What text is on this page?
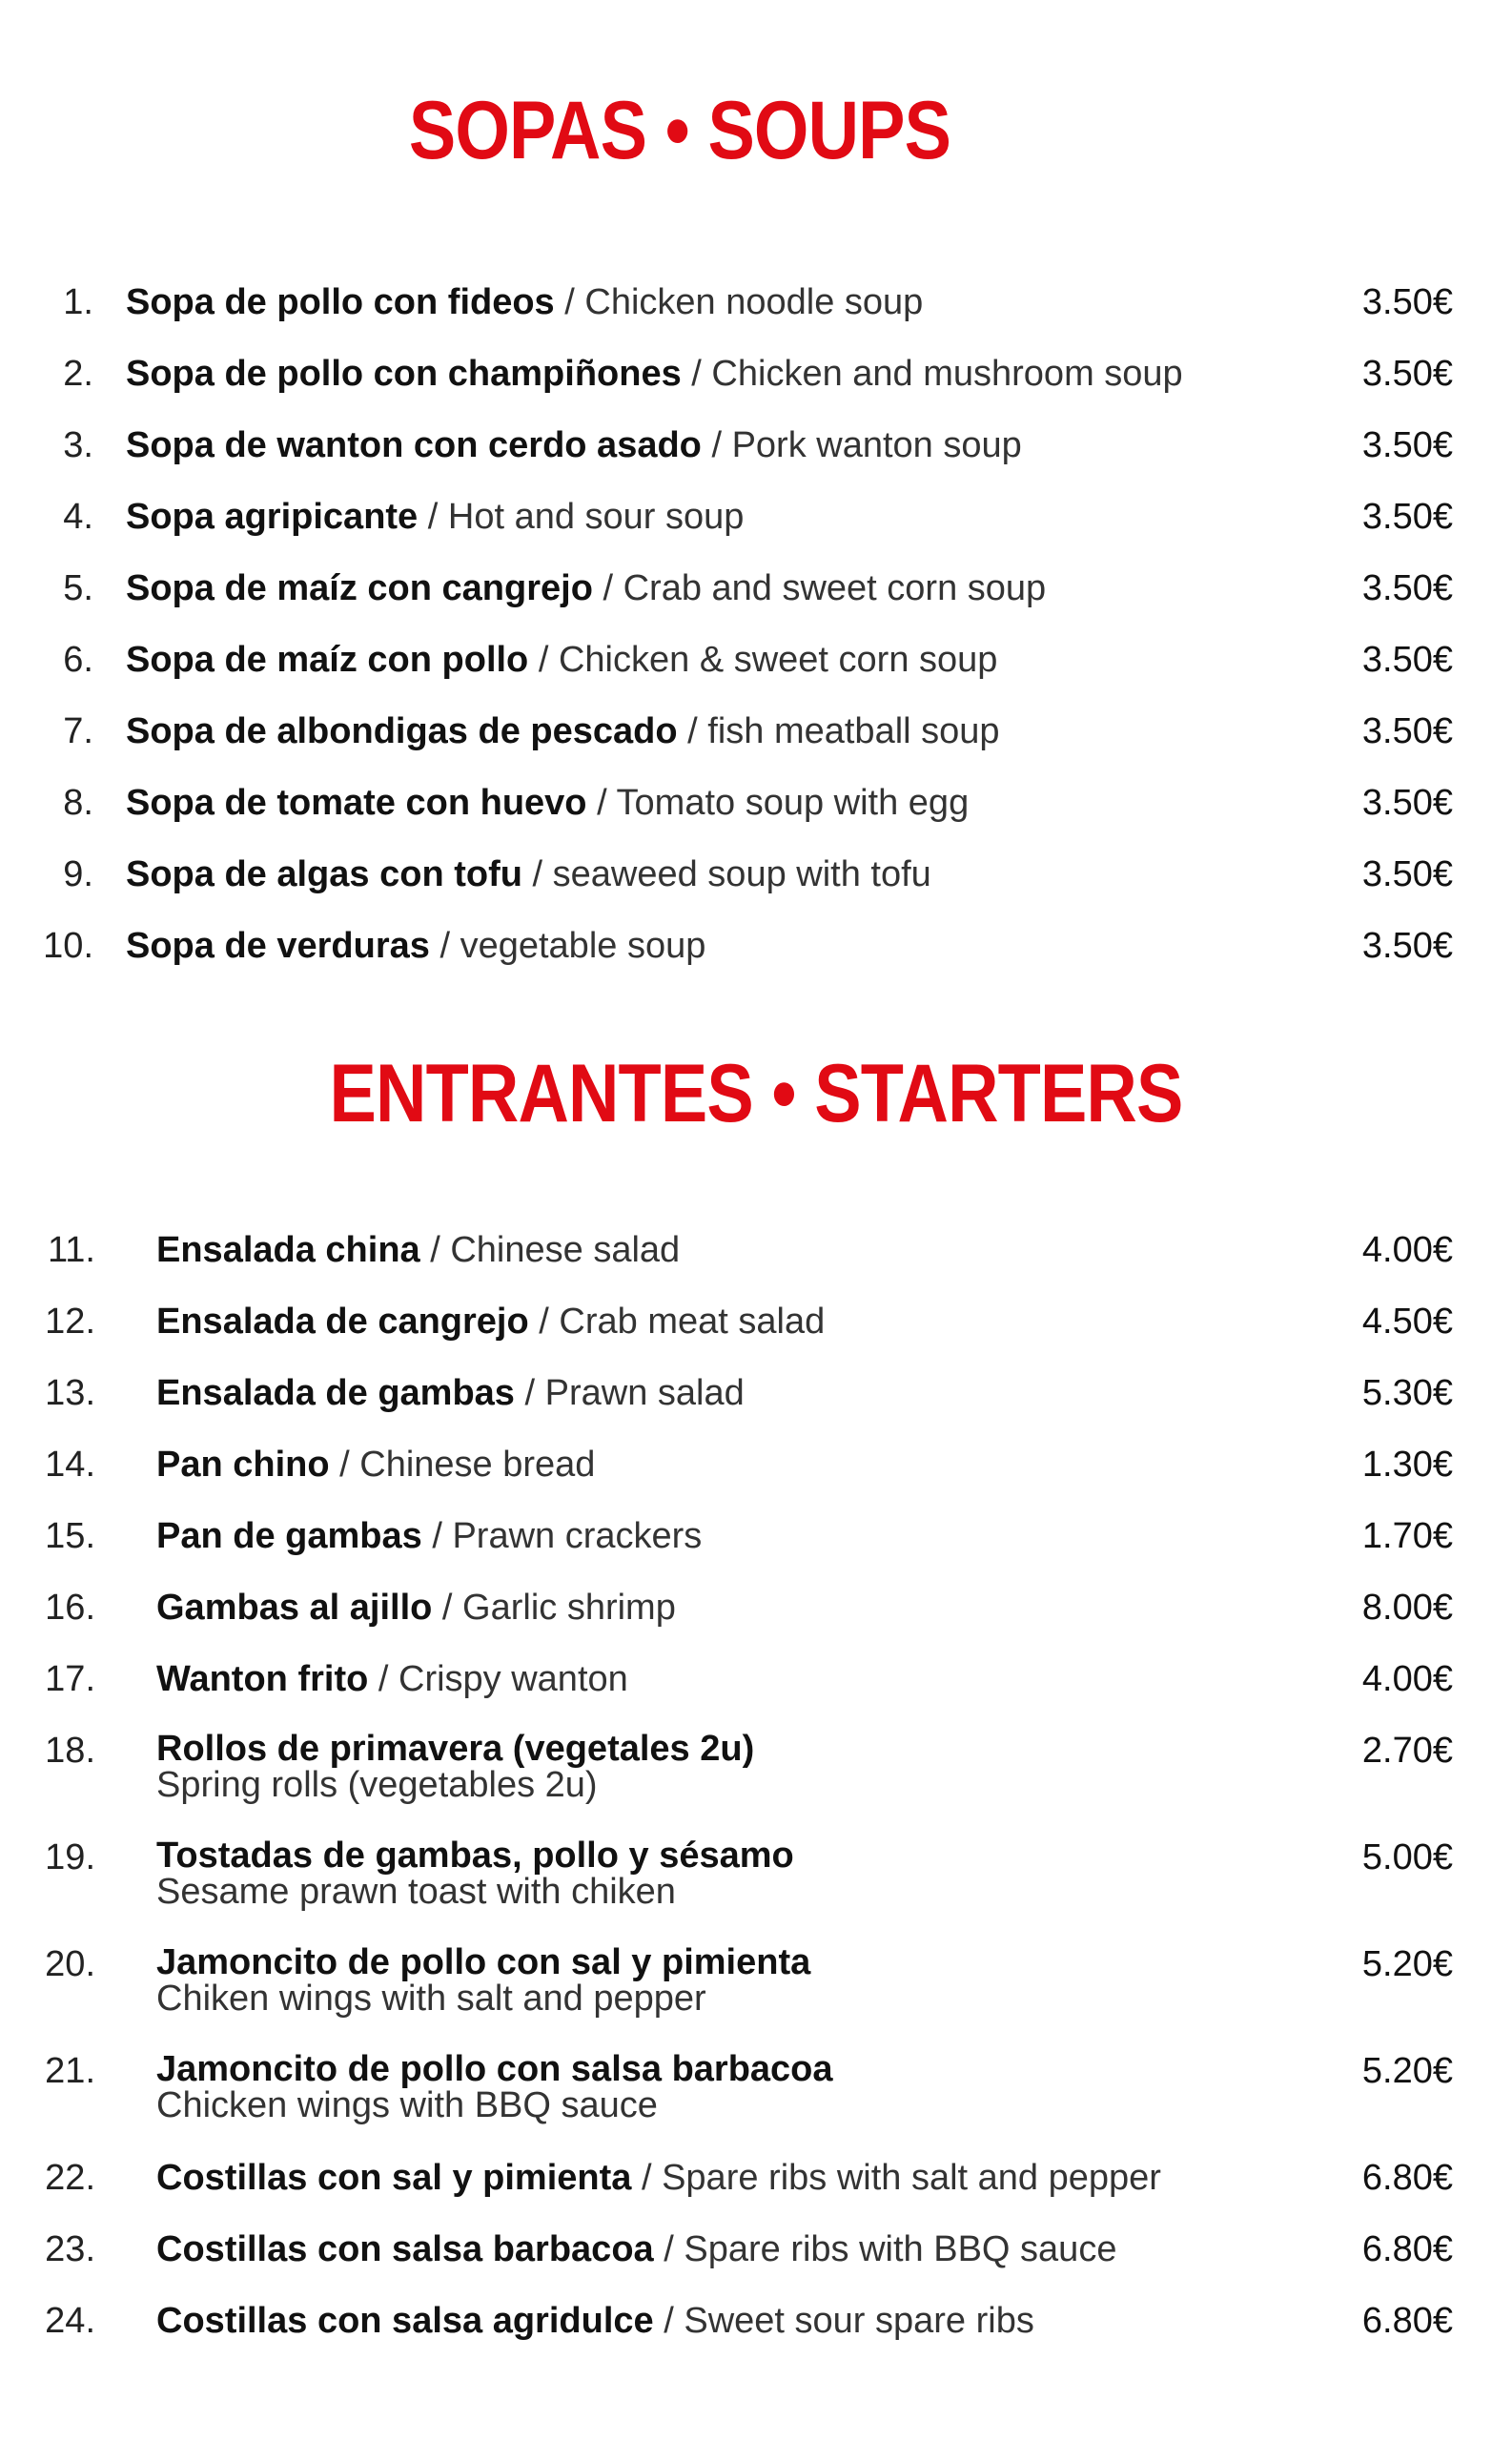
SOPAS • SOUPS
1. Sopa de pollo con fideos / Chicken noodle soup	3.50€
2. Sopa de pollo con champiñones / Chicken and mushroom soup	3.50€
3. Sopa de wanton con cerdo asado / Pork wanton soup	3.50€
4. Sopa agripicante / Hot and sour soup	3.50€
5. Sopa de maíz con cangrejo / Crab and sweet corn soup	3.50€
6. Sopa de maíz con pollo / Chicken & sweet corn soup	3.50€
7. Sopa de albondigas de pescado / fish meatball soup	3.50€
8. Sopa de tomate con huevo / Tomato soup with egg	3.50€
9. Sopa de algas con tofu / seaweed soup with tofu	3.50€
10. Sopa de verduras / vegetable soup	3.50€
ENTRANTES • STARTERS
11. Ensalada china / Chinese salad	4.00€
12. Ensalada de cangrejo / Crab meat salad	4.50€
13. Ensalada de gambas / Prawn salad	5.30€
14. Pan chino / Chinese bread	1.30€
15. Pan de gambas / Prawn crackers	1.70€
16. Gambas al ajillo / Garlic shrimp	8.00€
17. Wanton frito / Crispy wanton	4.00€
18. Rollos de primavera (vegetales 2u)
Spring rolls (vegetables 2u)
2.70€
19. Tostadas de gambas, pollo y sésamo
Sesame prawn toast with chiken
5.00€
20. Jamoncito de pollo con sal y pimienta
Chiken wings with salt and pepper
5.20€
21. Jamoncito de pollo con salsa barbacoa
Chicken wings with BBQ sauce
5.20€
22. Costillas con sal y pimienta / Spare ribs with salt and pepper	6.80€
23. Costillas con salsa barbacoa / Spare ribs with BBQ sauce	6.80€
24. Costillas con salsa agridulce / Sweet sour spare ribs	6.80€
